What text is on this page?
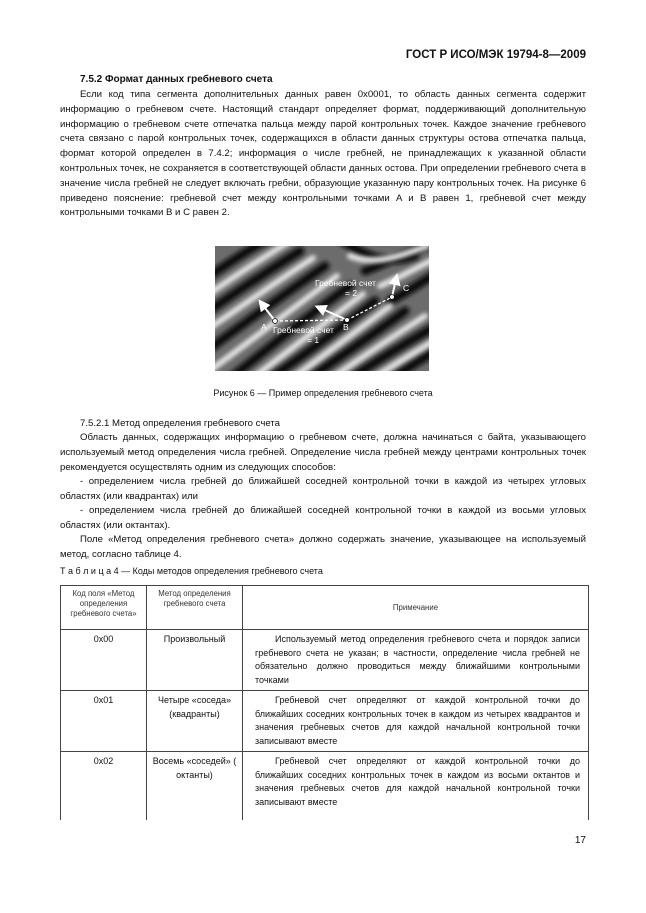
ГОСТ Р ИСО/МЭК 19794-8—2009
7.5.2 Формат данных гребневого счета

Если код типа сегмента дополнительных данных равен 0x0001, то область данных сегмента содержит информацию о гребневом счете. Настоящий стандарт определяет формат, поддерживающий дополнительную информацию о гребневом счете отпечатка пальца между парой контрольных точек. Каждое значение гребневого счета связано с парой контрольных точек, содержащихся в области данных структуры остова отпечатка пальца, формат которой определен в 7.4.2; информация о числе гребней, не принадлежащих к указанной области контрольных точек, не сохраняется в соответствующей области данных остова. При определении гребневого счета в значение числа гребней не следует включать гребни, образующие указанную пару контрольных точек. На рисунке 6 приведено пояснение: гребневой счет между контрольными точками A и B равен 1, гребневой счет между контрольными точками B и C равен 2.

A	B
C
Гребневой счет
= 1
Гребневой счет
= 2
Рисунок 6 — Пример определения гребневого счета

7.5.2.1 Метод определения гребневого счета

Область данных, содержащих информацию о гребневом счете, должна начинаться с байта, указывающего используемый метод определения числа гребней. Определение числа гребней между центрами контрольных точек рекомендуется осуществлять одним из следующих способов:

- определением числа гребней до ближайшей соседней контрольной точки в каждой из четырех угловых областях (или квадрантах) или

- определением числа гребней до ближайшей соседней контрольной точки в каждой из восьми угловых областях (или октантах).

Поле «Метод определения гребневого счета» должно содержать значение, указывающее на используемый метод, согласно таблице 4.

Т а б л и ц а 4 — Коды методов определения гребневого счета
Код поля «Метод определения гребневого счета»	Метод определения гребневого счета	Примечание
0x00	Произвольный	Используемый метод определения гребневого счета и порядок записи гребневого счета не указан; в частности, определение числа гребней не обязательно должно проводиться между ближайшими контрольными точками
0x01	Четыре «соседа» (квадранты)	Гребневой счет определяют от каждой контрольной точки до ближайших соседних контрольных точек в каждом из четырех квадрантов и значения гребневых счетов для каждой начальной контрольной точки записывают вместе
0x02	Восемь «соседей» ( октанты)	Гребневой счет определяют от каждой контрольной точки до ближайших соседних контрольных точек в каждом из восьми октантов и значения гребневых счетов для каждой начальной контрольной точки записывают вместе
17
